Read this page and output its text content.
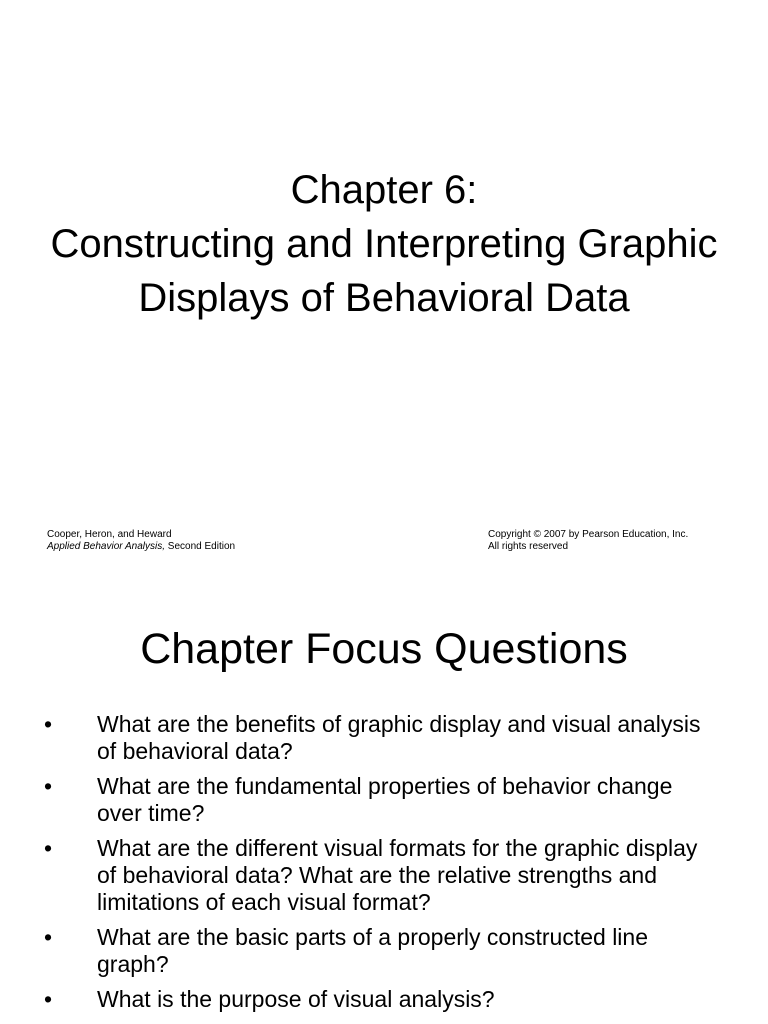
Chapter 6:
Constructing and Interpreting Graphic
Displays of Behavioral Data
Cooper, Heron, and Heward
Applied Behavior Analysis, Second Edition
Copyright © 2007 by Pearson Education, Inc.
All rights reserved
Chapter Focus Questions
• What are the benefits of graphic display and visual analysis of behavioral data?
• What are the fundamental properties of behavior change over time?
• What are the different visual formats for the graphic display of behavioral data? What are the relative strengths and limitations of each visual format?
• What are the basic parts of a properly constructed line graph?
• What is the purpose of visual analysis?
